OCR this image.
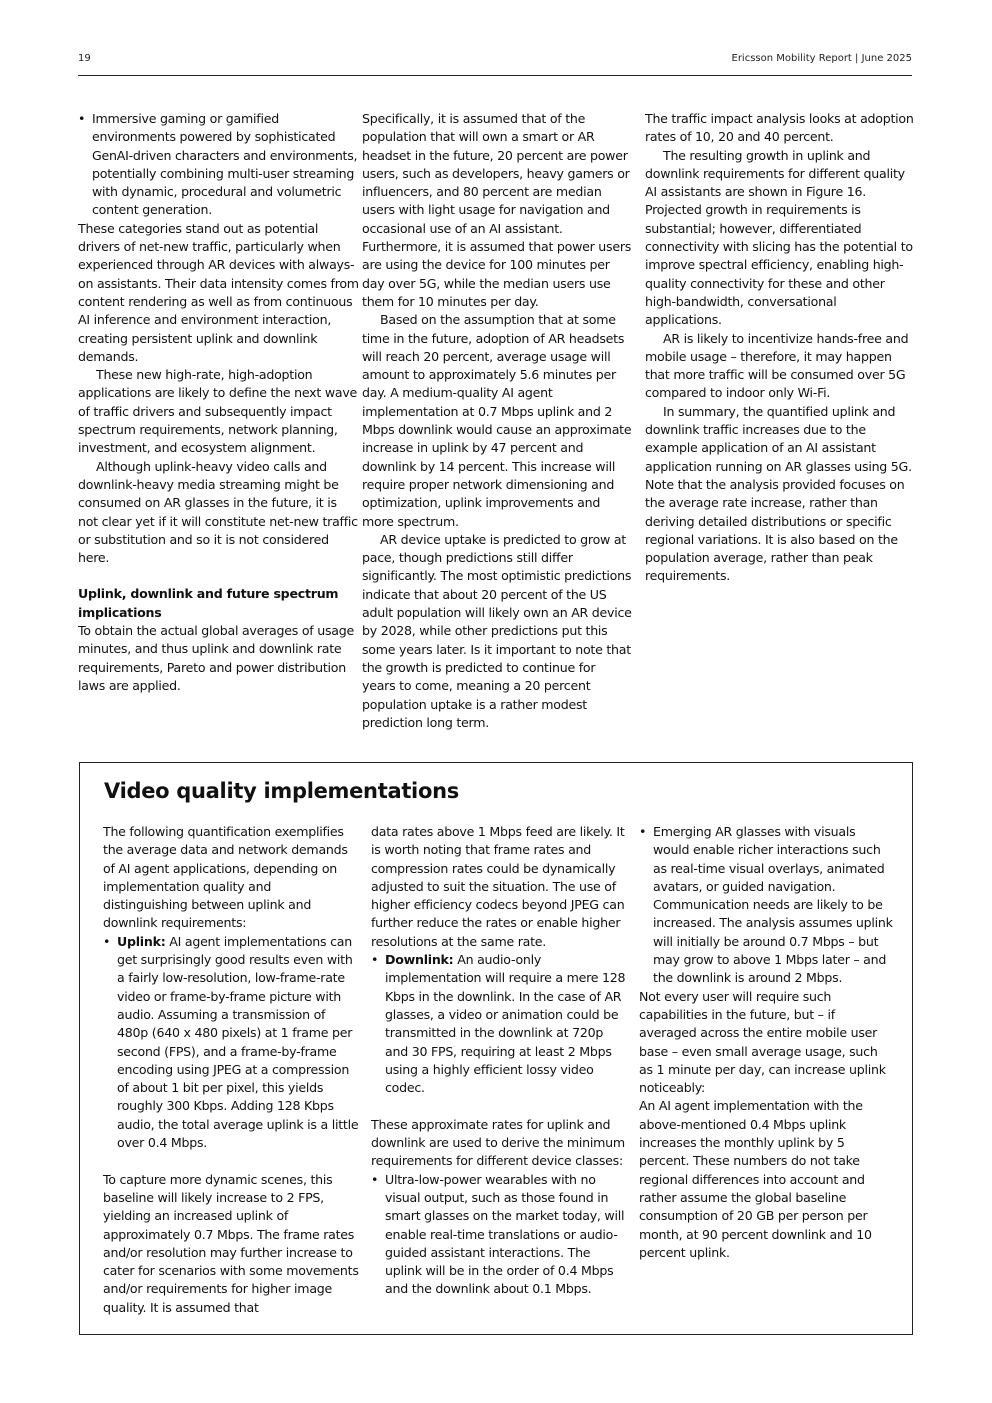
19	Ericsson Mobility Report | June 2025
• Immersive gaming or gamified environments powered by sophisticated GenAI-driven characters and environments, potentially combining multi-user streaming with dynamic, procedural and volumetric content generation.

These categories stand out as potential drivers of net-new traffic, particularly when experienced through AR devices with always-on assistants. Their data intensity comes from content rendering as well as from continuous AI inference and environment interaction, creating persistent uplink and downlink demands.

These new high-rate, high-adoption applications are likely to define the next wave of traffic drivers and subsequently impact spectrum requirements, network planning, investment, and ecosystem alignment.

Although uplink-heavy video calls and downlink-heavy media streaming might be consumed on AR glasses in the future, it is not clear yet if it will constitute net-new traffic or substitution and so it is not considered here.

Uplink, downlink and future spectrum implications

To obtain the actual global averages of usage minutes, and thus uplink and downlink rate requirements, Pareto and power distribution laws are applied.

Specifically, it is assumed that of the population that will own a smart or AR headset in the future, 20 percent are power users, such as developers, heavy gamers or influencers, and 80 percent are median users with light usage for navigation and occasional use of an AI assistant. Furthermore, it is assumed that power users are using the device for 100 minutes per day over 5G, while the median users use them for 10 minutes per day.

Based on the assumption that at some time in the future, adoption of AR headsets will reach 20 percent, average usage will amount to approximately 5.6 minutes per day. A medium-quality AI agent implementation at 0.7 Mbps uplink and 2 Mbps downlink would cause an approximate increase in uplink by 47 percent and downlink by 14 percent. This increase will require proper network dimensioning and optimization, uplink improvements and more spectrum.

AR device uptake is predicted to grow at pace, though predictions still differ significantly. The most optimistic predictions indicate that about 20 percent of the US adult population will likely own an AR device by 2028, while other predictions put this some years later. Is it important to note that the growth is predicted to continue for years to come, meaning a 20 percent population uptake is a rather modest prediction long term.

The traffic impact analysis looks at adoption rates of 10, 20 and 40 percent.

The resulting growth in uplink and downlink requirements for different quality AI assistants are shown in Figure 16. Projected growth in requirements is substantial; however, differentiated connectivity with slicing has the potential to improve spectral efficiency, enabling high-quality connectivity for these and other high-bandwidth, conversational applications.

AR is likely to incentivize hands-free and mobile usage – therefore, it may happen that more traffic will be consumed over 5G compared to indoor only Wi-Fi.

In summary, the quantified uplink and downlink traffic increases due to the example application of an AI assistant application running on AR glasses using 5G. Note that the analysis provided focuses on the average rate increase, rather than deriving detailed distributions or specific regional variations. It is also based on the population average, rather than peak requirements.

Video quality implementations

The following quantification exemplifies the average data and network demands of AI agent applications, depending on implementation quality and distinguishing between uplink and downlink requirements:

• Uplink: AI agent implementations can get surprisingly good results even with a fairly low-resolution, low-frame-rate video or frame-by-frame picture with audio. Assuming a transmission of 480p (640 x 480 pixels) at 1 frame per second (FPS), and a frame-by-frame encoding using JPEG at a compression of about 1 bit per pixel, this yields roughly 300 Kbps. Adding 128 Kbps audio, the total average uplink is a little over 0.4 Mbps.

To capture more dynamic scenes, this baseline will likely increase to 2 FPS, yielding an increased uplink of approximately 0.7 Mbps. The frame rates and/or resolution may further increase to cater for scenarios with some movements and/or requirements for higher image quality. It is assumed that

data rates above 1 Mbps feed are likely. It is worth noting that frame rates and compression rates could be dynamically adjusted to suit the situation. The use of higher efficiency codecs beyond JPEG can further reduce the rates or enable higher resolutions at the same rate.

• Downlink: An audio-only implementation will require a mere 128 Kbps in the downlink. In the case of AR glasses, a video or animation could be transmitted in the downlink at 720p and 30 FPS, requiring at least 2 Mbps using a highly efficient lossy video codec.

These approximate rates for uplink and downlink are used to derive the minimum requirements for different device classes:

• Ultra-low-power wearables with no visual output, such as those found in smart glasses on the market today, will enable real-time translations or audio-guided assistant interactions. The uplink will be in the order of 0.4 Mbps and the downlink about 0.1 Mbps.
• Emerging AR glasses with visuals would enable richer interactions such as real-time visual overlays, animated avatars, or guided navigation. Communication needs are likely to be increased. The analysis assumes uplink will initially be around 0.7 Mbps – but may grow to above 1 Mbps later – and the downlink is around 2 Mbps.

Not every user will require such capabilities in the future, but – if averaged across the entire mobile user base – even small average usage, such as 1 minute per day, can increase uplink noticeably:

An AI agent implementation with the above-mentioned 0.4 Mbps uplink increases the monthly uplink by 5 percent. These numbers do not take regional differences into account and rather assume the global baseline consumption of 20 GB per person per month, at 90 percent downlink and 10 percent uplink.
